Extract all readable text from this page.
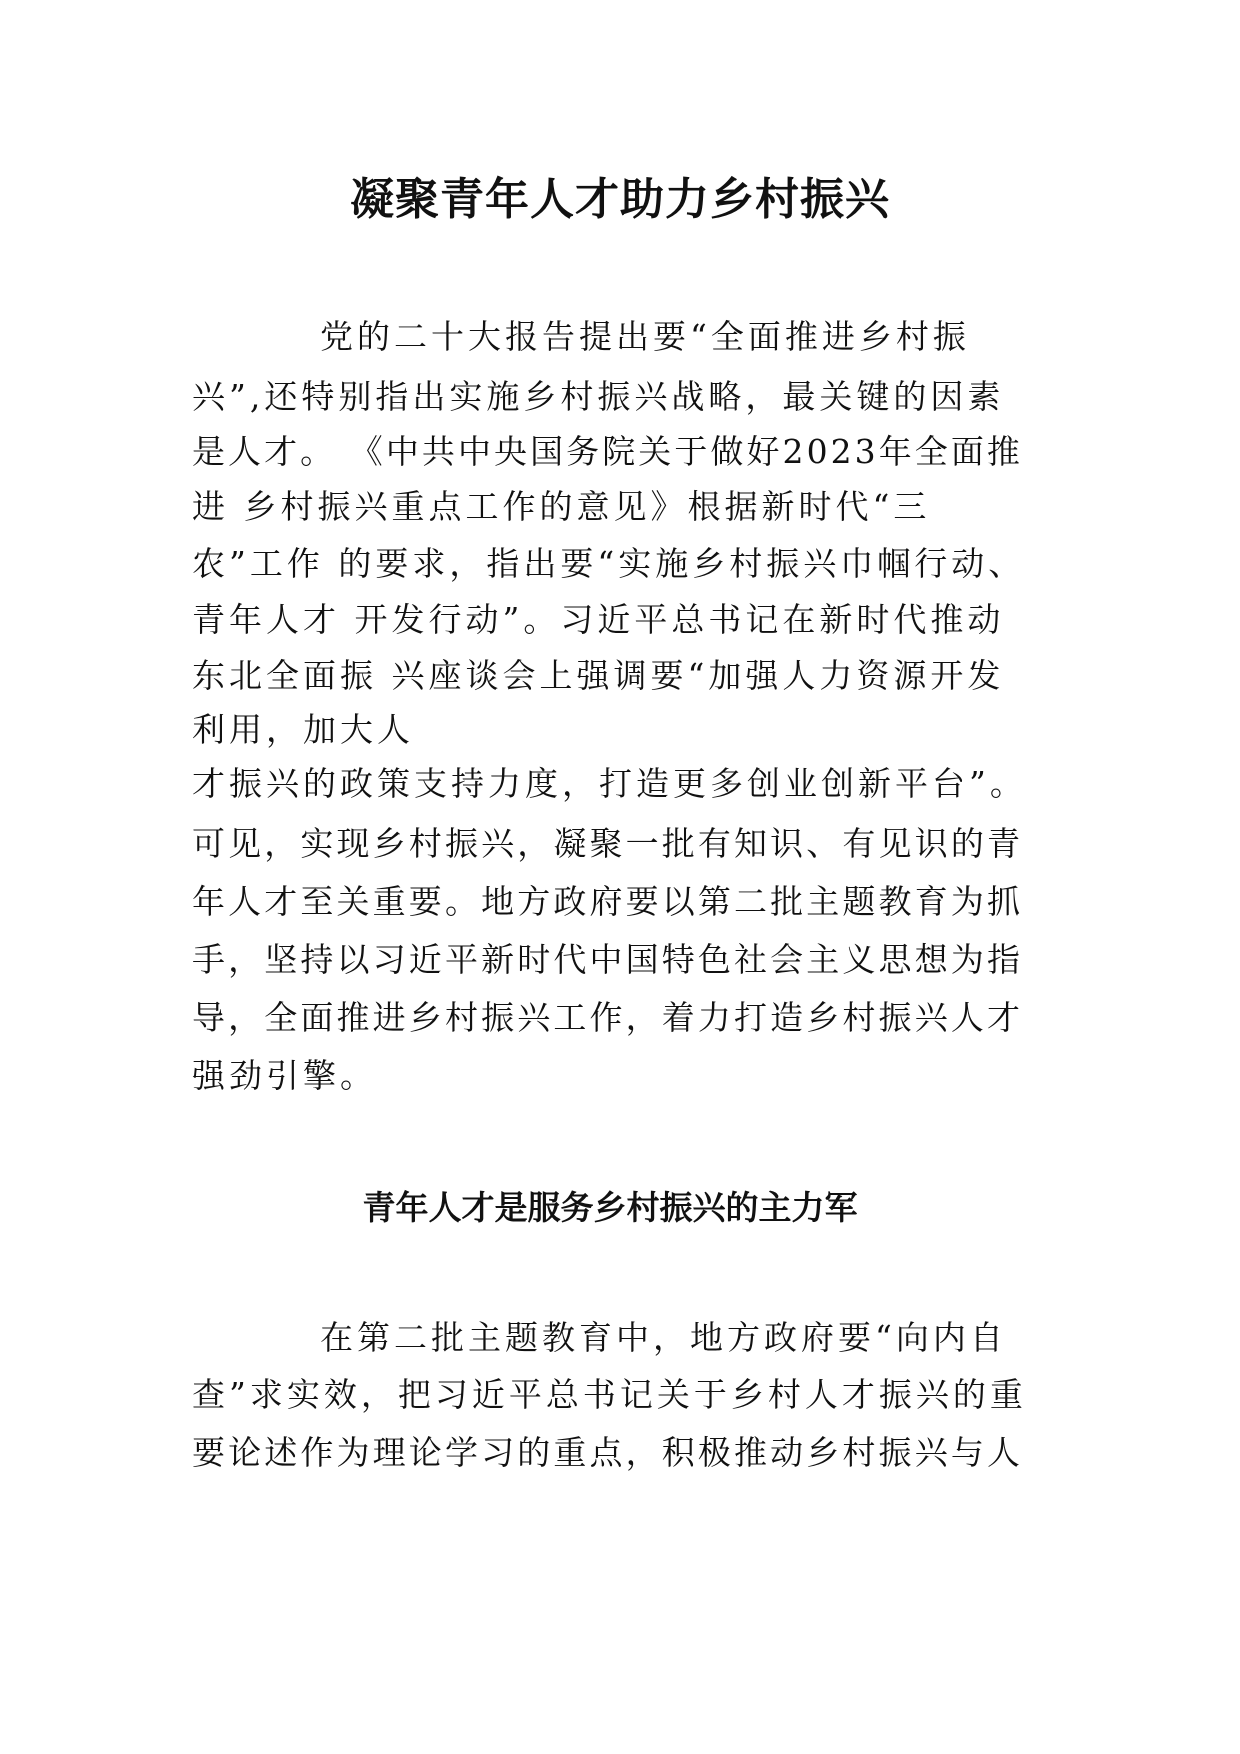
凝聚青年人才助力乡村振兴

党的二十大报告提出要“全面推进乡村振

兴”,还特别指出实施乡村振兴战略，最关键的因素

是人才。 《中共中央国务院关于做好2023年全面推

进 乡村振兴重点工作的意见》根据新时代“三

农”工作 的要求，指出要“实施乡村振兴巾帼行动、

青年人才 开发行动”。习近平总书记在新时代推动

东北全面振 兴座谈会上强调要“加强人力资源开发

利用，加大人

才振兴的政策支持力度，打造更多创业创新平台”。

可见，实现乡村振兴，凝聚一批有知识、有见识的青

年人才至关重要。地方政府要以第二批主题教育为抓

手，坚持以习近平新时代中国特色社会主义思想为指

导，全面推进乡村振兴工作，着力打造乡村振兴人才

强劲引擎。

青年人才是服务乡村振兴的主力军

在第二批主题教育中，地方政府要“向内自

查”求实效，把习近平总书记关于乡村人才振兴的重

要论述作为理论学习的重点，积极推动乡村振兴与人
